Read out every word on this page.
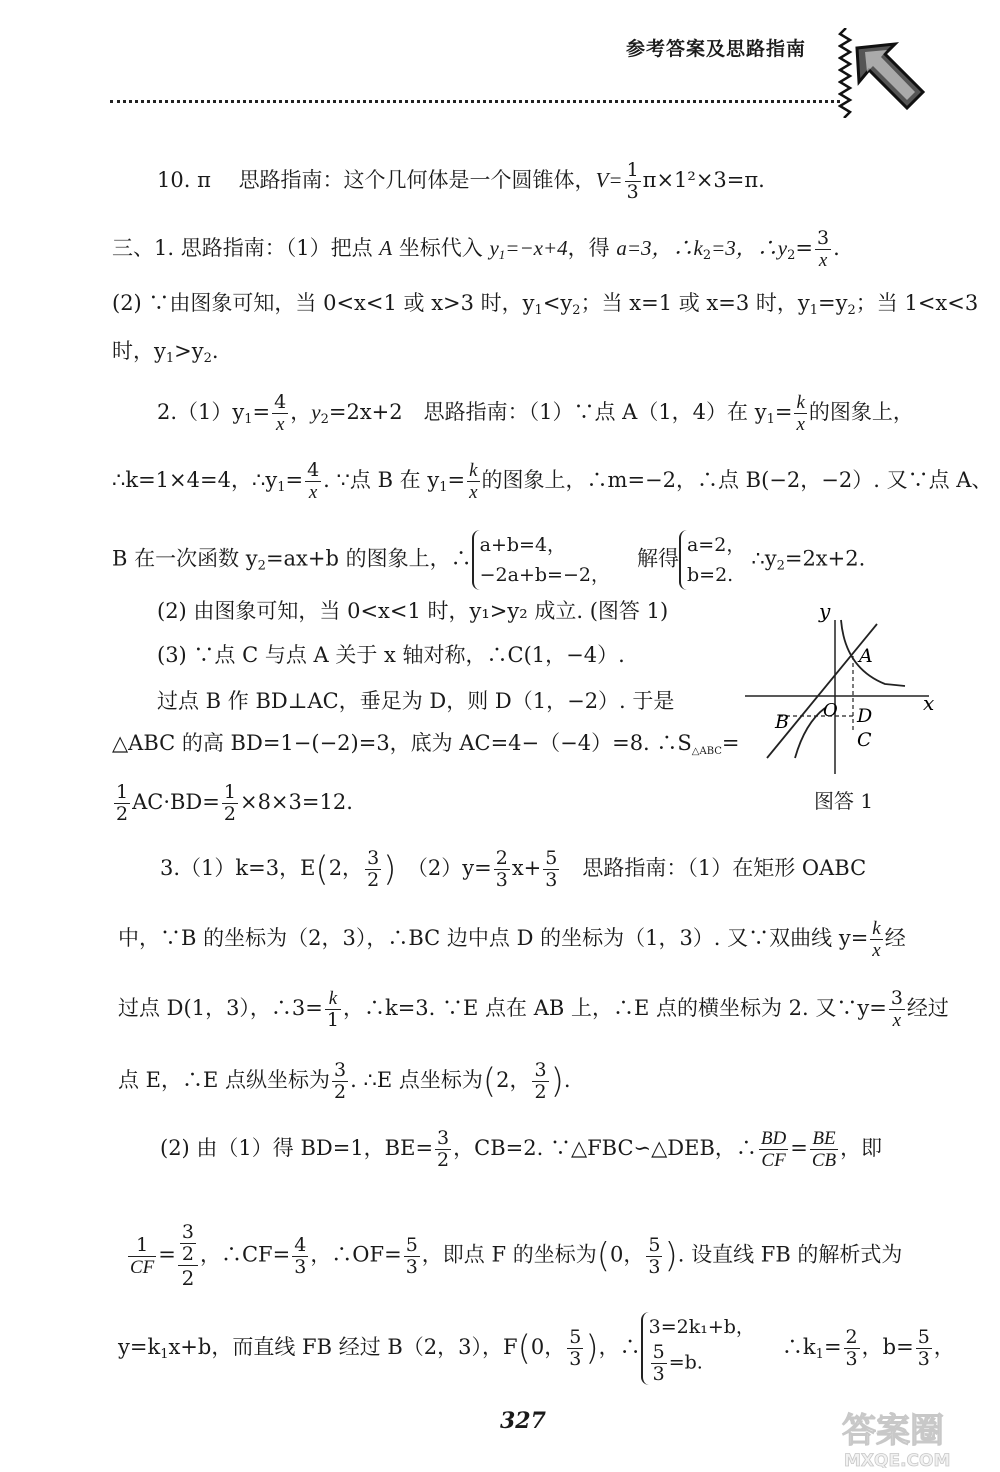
参考答案及思路指南
10. π　 思路指南：这个几何体是一个圆锥体，$V= \frac{1}{3} \pi\times 1^2\times 3=\pi$.
三、1. 思路指南：（1）把点 A 坐标代入 $y_1=-x+4$，得 a=3，$\therefore k_2=3$，$\therefore y_2= \frac{3}{x}$ .
(2) ∵由图象可知，当 0<x<1 或 x>3 时，$y_1<y_2$；当 x=1 或 x=3 时，$y_1=y_2$；当 1<x<3
时，$y_1>y_2$.
$2.(1)y_1= \frac{4}{x}$ ，$y_2=2x+2$　思路指南：（1）∵点 A（1，4）在 $y_1= \frac{k}{x}$ 的图象上，
∴k=1×4=4，$\therefore y_1= \frac{4}{x}$ . ∵点 B 在 $y_1= \frac{k}{x}$ 的图象上，∴m=−2，∴点 B(−2，−2）. 又∵点 A、
B 在一次函数 $y_2=ax+b$ 的图象上，∴
a+b=4，
−2a+b=−2，
　解得
a=2，
b=2.
$\therefore y_2=2x+2$.
(2) 由图象可知，当 0<x<1 时，y₁>y₂ 成立. (图答 1)
(3) ∵点 C 与点 A 关于 x 轴对称，∴C(1，−4）.
过点 B 作 BD⊥AC，垂足为 D，则 D（1，−2）. 于是
△ABC 的高 BD=1−(−2)=3，底为 AC=4−（−4）=8. $\therefore S_{\triangle ABC}=$
$\frac{1}{2} AC\cdot BD= \frac{1}{2} \times 8\times 3=12$.
x
y
A
B
O D
C
图答 1
3.（1）k=3，E(2， $\frac{3}{2}$ )　 $(2)y= \frac{2}{3} x+ \frac{5}{3}$
　 思路指南：（1）在矩形 OABC
中，∵B 的坐标为（2，3），∴BC 边中点 D 的坐标为（1，3）. 又∵双曲线 $y= \frac{k}{x}$ 经
过点 D(1，3），∴3= $\frac{k}{1}$ ，∴k=3. ∵E 点在 AB 上，∴E 点的横坐标为 2. 又∵y= $\frac{3}{x}$ 经过
点 E，∴E 点纵坐标为 $\frac{3}{2}$ . ∴E 点坐标为(2， $\frac{3}{2}$ ).
(2) 由（1）得 BD=1，$BE= \frac{3}{2}$ ，CB=2. ∵△FBC∽△DEB，∴ $\frac{BD}{CF} = \frac{BE}{CB}$ ，即
$\frac{1}{CF} = \frac{\frac{3}{2}}{2}$ ，∴CF= $\frac{4}{3}$ ，∴OF= $\frac{5}{3}$ ，即点 F 的坐标为(0， $\frac{5}{3}$ ). 设直线 FB 的解析式为
$y=k_1x+b$，而直线 FB 经过 B（2，3），F(0， $\frac{5}{3}$ )，∴
3=2k₁+b，
$\frac{5}{3} =b$.
　$\therefore k_1= \frac{2}{3}$ ，$b= \frac{5}{3}$ ，
327	答案圈
MXQE.COM
